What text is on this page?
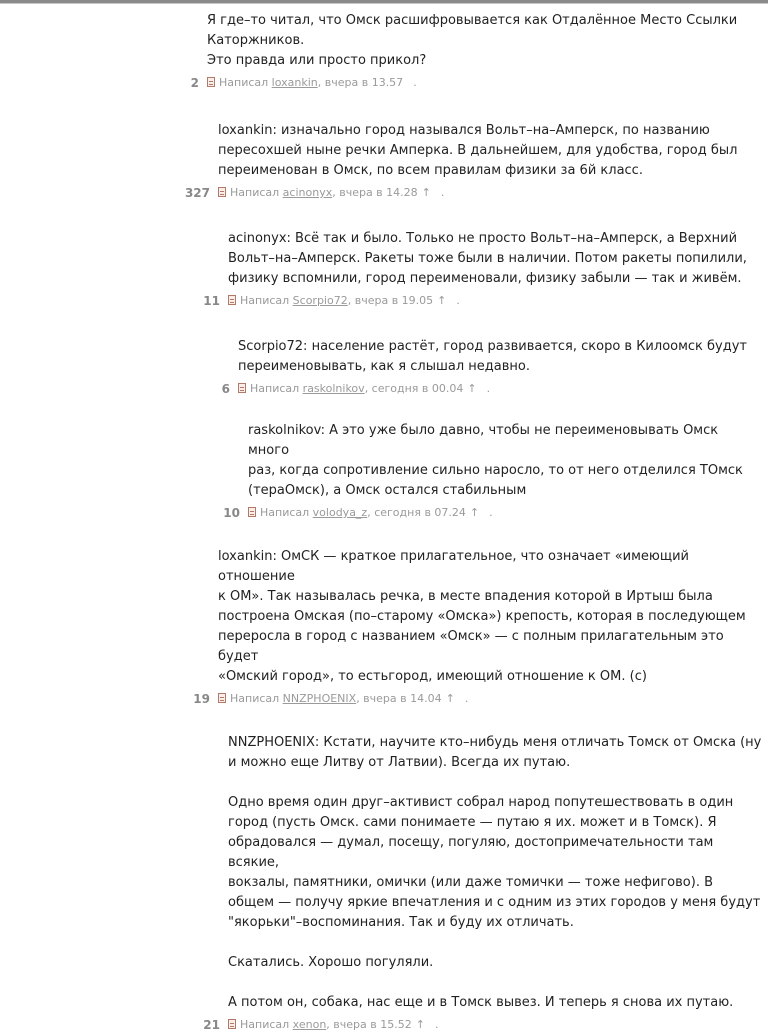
Я где–то читал, что Омск расшифровывается как Отдалённое Место Ссылки
Каторжников.
Это правда или просто прикол?

2 Написал loxankin, вчера в 13.57 .

loxankin: изначально город назывался Вольт–на–Амперск, по названию
пересохшей ныне речки Амперка. В дальнейшем, для удобства, город был
переименован в Омск, по всем правилам физики за 6й класс.

327 Написал acinonyx, вчера в 14.28 ↑ .

acinonyx: Всё так и было. Только не просто Вольт–на–Амперск, а Верхний
Вольт–на–Амперск. Ракеты тоже были в наличии. Потом ракеты попилили,
физику вспомнили, город переименовали, физику забыли — так и живём.

11 Написал Scorpio72, вчера в 19.05 ↑ .

Scorpio72: население растёт, город развивается, скоро в Килоомск будут
переименовывать, как я слышал недавно.

6 Написал raskolnikov, сегодня в 00.04 ↑ .

raskolnikov: А это уже было давно, чтобы не переименовывать Омск много
раз, когда сопротивление сильно наросло, то от него отделился ТОмск
(тераОмск), а Омск остался стабильным

10 Написал volodya_z, сегодня в 07.24 ↑ .

loxankin: ОмСК — краткое прилагательное, что означает «имеющий отношение
к ОМ». Так называлась речка, в месте впадения которой в Иртыш была
построена Омская (по–старому «Омска») крепость, которая в последующем
переросла в город с названием «Омск» — с полным прилагательным это будет
«Омский город», то естьгород, имеющий отношение к ОМ. (c)

19 Написал NNZPHOENIX, вчера в 14.04 ↑ .

NNZPHOENIX: Кстати, научите кто–нибудь меня отличать Томск от Омска (ну
и можно еще Литву от Латвии). Всегда их путаю.

Одно время один друг–активист собрал народ попутешествовать в один
город (пусть Омск. сами понимаете — путаю я их. может и в Томск). Я
обрадовался — думал, посещу, погуляю, достопримечательности там всякие,
вокзалы, памятники, омички (или даже томички — тоже нефигово). В
общем — получу яркие впечатления и с одним из этих городов у меня будут
"якорьки"–воспоминания. Так и буду их отличать.

Скатались. Хорошо погуляли.

А потом он, собака, нас еще и в Томск вывез. И теперь я снова их путаю.

21 Написал xenon, вчера в 15.52 ↑ .
